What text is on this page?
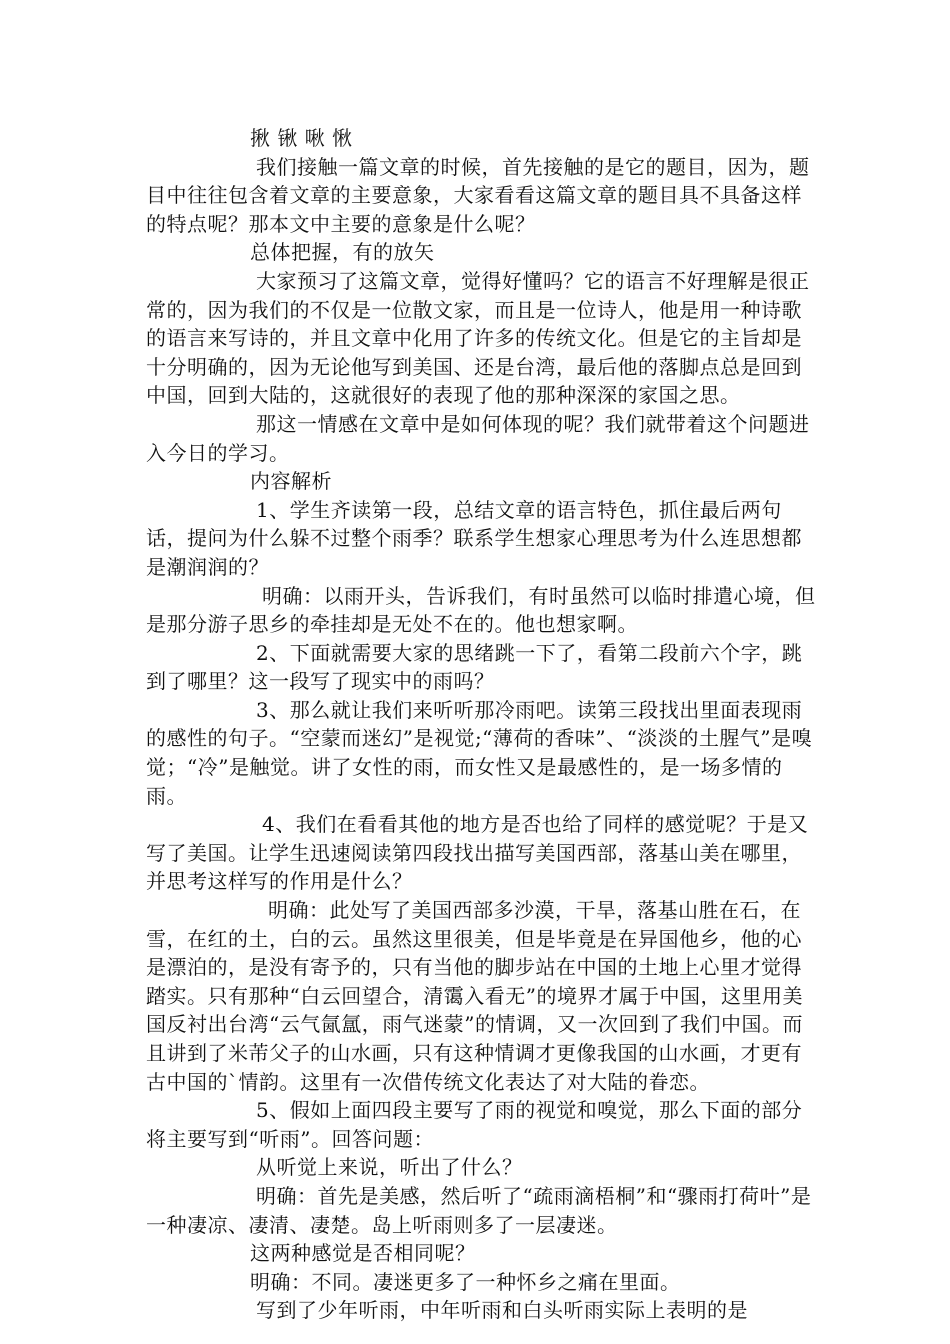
揪 锹 啾 愀

我们接触一篇文章的时候，首先接触的是它的题目，因为，题目中往往包含着文章的主要意象，大家看看这篇文章的题目具不具备这样的特点呢？那本文中主要的意象是什么呢？

总体把握，有的放矢

大家预习了这篇文章，觉得好懂吗？它的语言不好理解是很正常的，因为我们的不仅是一位散文家，而且是一位诗人，他是用一种诗歌的语言来写诗的，并且文章中化用了许多的传统文化。但是它的主旨却是十分明确的，因为无论他写到美国、还是台湾，最后他的落脚点总是回到中国，回到大陆的，这就很好的表现了他的那种深深的家国之思。

那这一情感在文章中是如何体现的呢？我们就带着这个问题进入今日的学习。

内容解析

1、学生齐读第一段，总结文章的语言特色，抓住最后两句话，提问为什么躲不过整个雨季？联系学生想家心理思考为什么连思想都是潮润润的？

明确：以雨开头，告诉我们，有时虽然可以临时排遣心境，但是那分游子思乡的牵挂却是无处不在的。他也想家啊。

2、下面就需要大家的思绪跳一下了，看第二段前六个字，跳到了哪里？这一段写了现实中的雨吗？

3、那么就让我们来听听那冷雨吧。读第三段找出里面表现雨的感性的句子。“空蒙而迷幻”是视觉;“薄荷的香味”、“淡淡的土腥气”是嗅觉；“冷”是触觉。讲了女性的雨，而女性又是最感性的，是一场多情的雨。

4、我们在看看其他的地方是否也给了同样的感觉呢？于是又写了美国。让学生迅速阅读第四段找出描写美国西部，落基山美在哪里，并思考这样写的作用是什么？

明确：此处写了美国西部多沙漠，干旱，落基山胜在石，在雪，在红的土，白的云。虽然这里很美，但是毕竟是在异国他乡，他的心是漂泊的，是没有寄予的，只有当他的脚步站在中国的土地上心里才觉得踏实。只有那种“白云回望合，清霭入看无”的境界才属于中国，这里用美国反衬出台湾“云气氤氲，雨气迷蒙”的情调，又一次回到了我们中国。而且讲到了米芾父子的山水画，只有这种情调才更像我国的山水画，才更有古中国的`情韵。这里有一次借传统文化表达了对大陆的眷恋。

5、假如上面四段主要写了雨的视觉和嗅觉，那么下面的部分将主要写到“听雨”。回答问题：

从听觉上来说，听出了什么？

明确：首先是美感，然后听了“疏雨滴梧桐”和“骤雨打荷叶”是一种凄凉、凄清、凄楚。岛上听雨则多了一层凄迷。

这两种感觉是否相同呢？

明确：不同。凄迷更多了一种怀乡之痛在里面。

写到了少年听雨，中年听雨和白头听雨实际上表明的是
